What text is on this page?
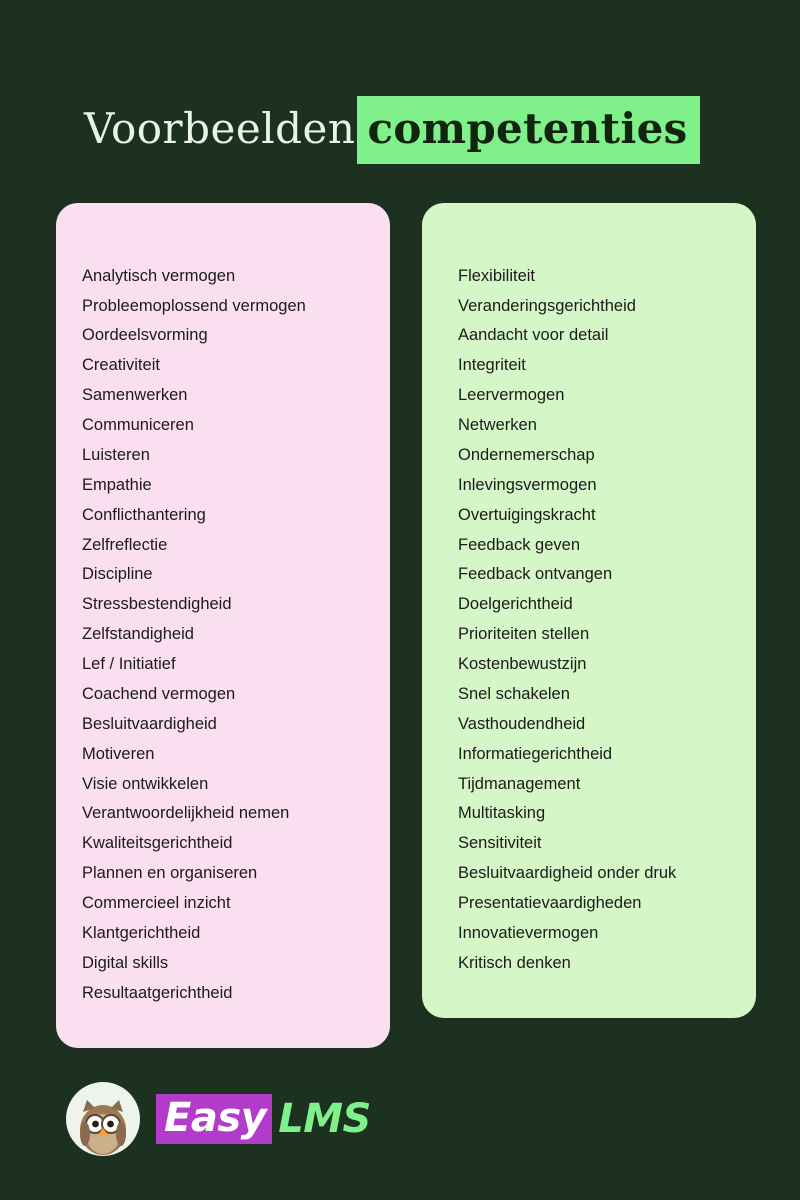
Voorbeelden competenties
Analytisch vermogen
Probleemoplossend vermogen
Oordeelsvorming
Creativiteit
Samenwerken
Communiceren
Luisteren
Empathie
Conflicthantering
Zelfreflectie
Discipline
Stressbestendigheid
Zelfstandigheid
Lef / Initiatief
Coachend vermogen
Besluitvaardigheid
Motiveren
Visie ontwikkelen
Verantwoordelijkheid nemen
Kwaliteitsgerichtheid
Plannen en organiseren
Commercieel inzicht
Klantgerichtheid
Digital skills
Resultaatgerichtheid
Flexibiliteit
Veranderingsgerichtheid
Aandacht voor detail
Integriteit
Leervermogen
Netwerken
Ondernemerschap
Inlevingsvermogen
Overtuigingskracht
Feedback geven
Feedback ontvangen
Doelgerichtheid
Prioriteiten stellen
Kostenbewustzijn
Snel schakelen
Vasthoudendheid
Informatiegerichtheid
Tijdmanagement
Multitasking
Sensitiviteit
Besluitvaardigheid onder druk
Presentatievaardigheden
Innovatievermogen
Kritisch denken
Easy LMS
